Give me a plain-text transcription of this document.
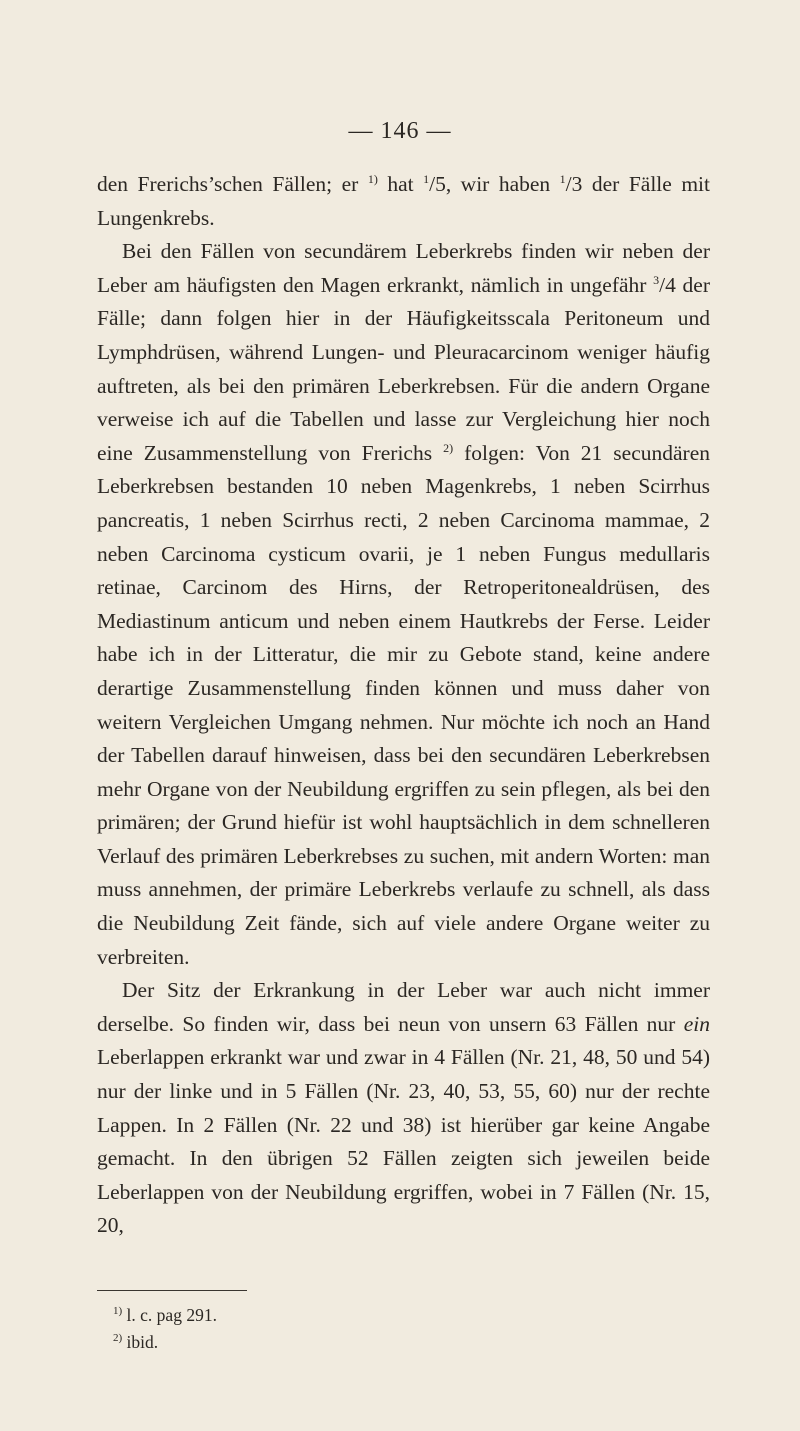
— 146 —

den Frerichs’schen Fällen; er $^{1)}$ hat $^1$/5, wir haben $^1$/3 der Fälle mit Lungenkrebs.

Bei den Fällen von secundärem Leberkrebs finden wir neben der Leber am häufigsten den Magen erkrankt, nämlich in ungefähr $^3$/4 der Fälle; dann folgen hier in der Häufigkeitsscala Peritoneum und Lymphdrüsen, während Lungen- und Pleuracarcinom weniger häufig auftreten, als bei den primären Leberkrebsen. Für die andern Organe verweise ich auf die Tabellen und lasse zur Vergleichung hier noch eine Zusammenstellung von Frerichs $^{2)}$ folgen: Von 21 secundären Leberkrebsen bestanden 10 neben Magenkrebs, 1 neben Scirrhus pancreatis, 1 neben Scirrhus recti, 2 neben Carcinoma mammae, 2 neben Carcinoma cysticum ovarii, je 1 neben Fungus medullaris retinae, Carcinom des Hirns, der Retroperitonealdrüsen, des Mediastinum anticum und neben einem Hautkrebs der Ferse. Leider habe ich in der Litteratur, die mir zu Gebote stand, keine andere derartige Zusammenstellung finden können und muss daher von weitern Vergleichen Umgang nehmen. Nur möchte ich noch an Hand der Tabellen darauf hinweisen, dass bei den secundären Leberkrebsen mehr Organe von der Neubildung ergriffen zu sein pflegen, als bei den primären; der Grund hiefür ist wohl hauptsächlich in dem schnelleren Verlauf des primären Leberkrebses zu suchen, mit andern Worten: man muss annehmen, der primäre Leberkrebs verlaufe zu schnell, als dass die Neubildung Zeit fände, sich auf viele andere Organe weiter zu verbreiten.

Der Sitz der Erkrankung in der Leber war auch nicht immer derselbe. So finden wir, dass bei neun von unsern 63 Fällen nur ein Leberlappen erkrankt war und zwar in 4 Fällen (Nr. 21, 48, 50 und 54) nur der linke und in 5 Fällen (Nr. 23, 40, 53, 55, 60) nur der rechte Lappen. In 2 Fällen (Nr. 22 und 38) ist hierüber gar keine Angabe gemacht. In den übrigen 52 Fällen zeigten sich jeweilen beide Leberlappen von der Neubildung ergriffen, wobei in 7 Fällen (Nr. 15, 20,

$^{1)}$ l. c. pag 291.
$^{2)}$ ibid.
